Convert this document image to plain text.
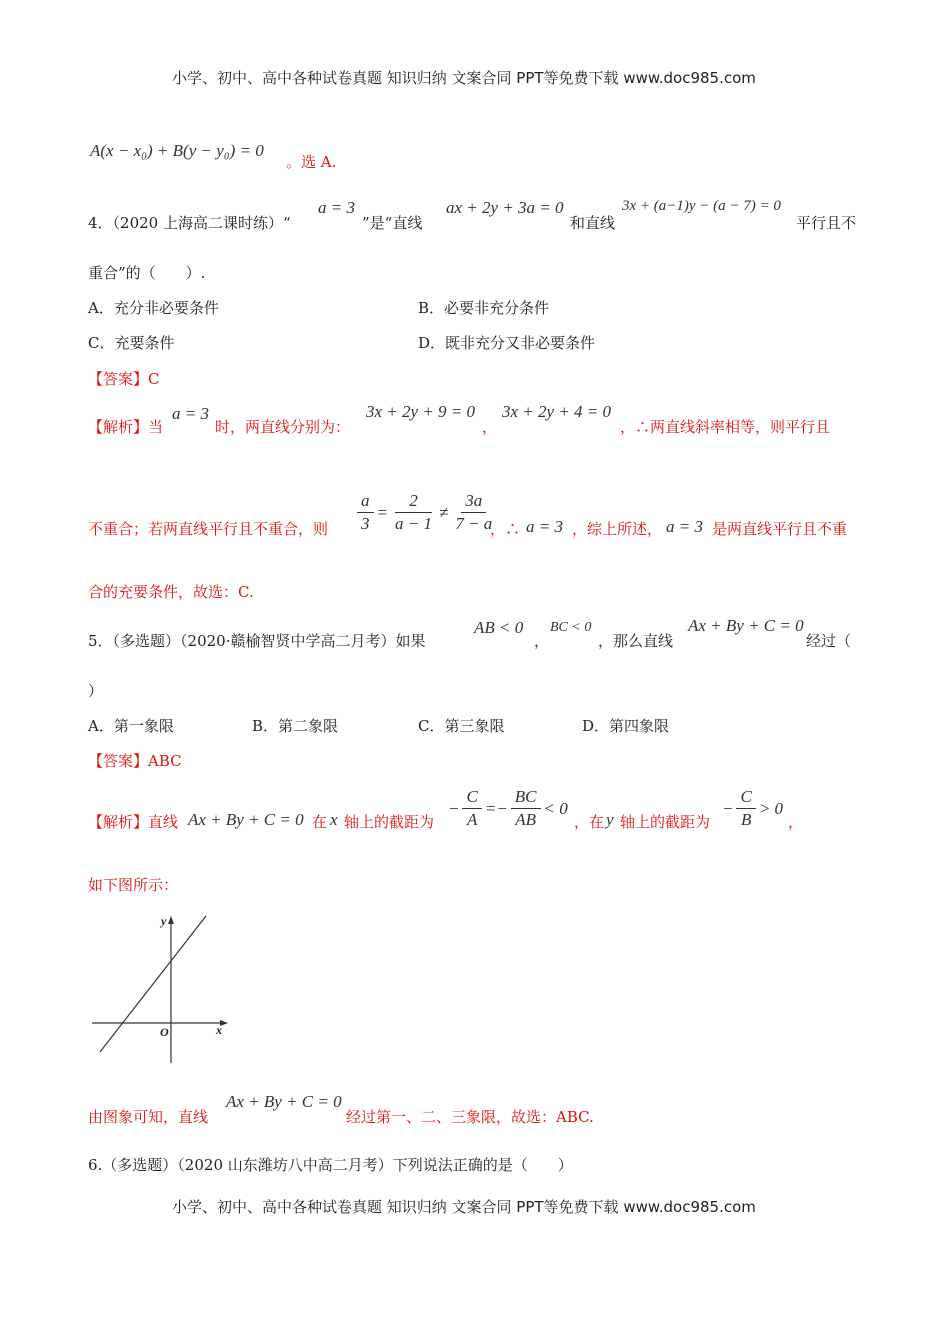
小学、初中、高中各种试卷真题 知识归纳 文案合同 PPT等免费下载 www.doc985.com
A(x − x₀) + B(y − y₀) = 0
。选 A.
4．（2020 上海高二课时练）“
a = 3
”是“直线
ax + 2y + 3a = 0
和直线
3x + (a−1)y − (a − 7) = 0
平行且不
重合”的（　　）.
A．充分非必要条件	B．必要非充分条件
C．充要条件	D．既非充分又非必要条件
【答案】C
【解析】当
a = 3
时，两直线分别为：
3x + 2y + 9 = 0
，
3x + 2y + 4 = 0
，∴两直线斜率相等，则平行且
不重合；若两直线平行且不重合，则 $\frac{a}{3} = \frac{2}{a - 1} \ne \frac{3a}{7 - a}$
，∴ a = 3 ，综上所述， a = 3 是两直线平行且不重
合的充要条件，故选：C.
5．（多选题）（2020·赣榆智贤中学高二月考）如果
AB < 0
，
BC < 0
，那么直线
Ax + By + C = 0
经过（
）
A．第一象限	B．第二象限	C．第三象限	D．第四象限
【答案】ABC
【解析】直线 Ax + By + C = 0 在 x 轴上的截距为
− $\frac{C}{A}$ = − $\frac{BC}{AB} < 0$
，在 y 轴上的截距为
− $\frac{C}{B} > 0$
，
如下图所示：
y
x
O
由图象可知，直线
Ax + By + C = 0
经过第一、二、三象限，故选：ABC.
6.（多选题）（2020 山东潍坊八中高二月考）下列说法正确的是（　　）
小学、初中、高中各种试卷真题 知识归纳 文案合同 PPT等免费下载 www.doc985.com
